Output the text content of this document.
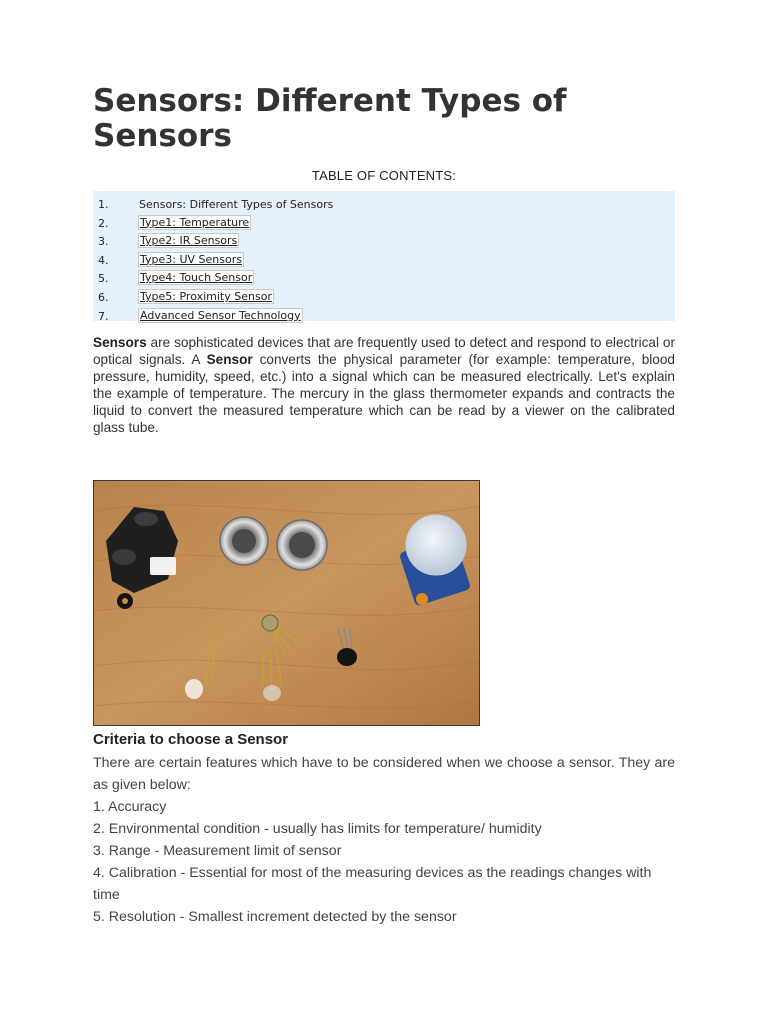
Sensors: Different Types of Sensors
TABLE OF CONTENTS:
1.	Sensors: Different Types of Sensors
2.	Type1: Temperature
3.	Type2: IR Sensors
4.	Type3: UV Sensors
5.	Type4: Touch Sensor
6.	Type5: Proximity Sensor
7.	Advanced Sensor Technology

Sensors are sophisticated devices that are frequently used to detect and respond to electrical or optical signals. A Sensor converts the physical parameter (for example: temperature, blood pressure, humidity, speed, etc.) into a signal which can be measured electrically. Let's explain the example of temperature. The mercury in the glass thermometer expands and contracts the liquid to convert the measured temperature which can be read by a viewer on the calibrated glass tube.

Criteria to choose a Sensor

There are certain features which have to be considered when we choose a sensor. They are as given below:

1. Accuracy
2. Environmental condition - usually has limits for temperature/ humidity
3. Range - Measurement limit of sensor
4. Calibration - Essential for most of the measuring devices as the readings changes with time
5. Resolution - Smallest increment detected by the sensor
